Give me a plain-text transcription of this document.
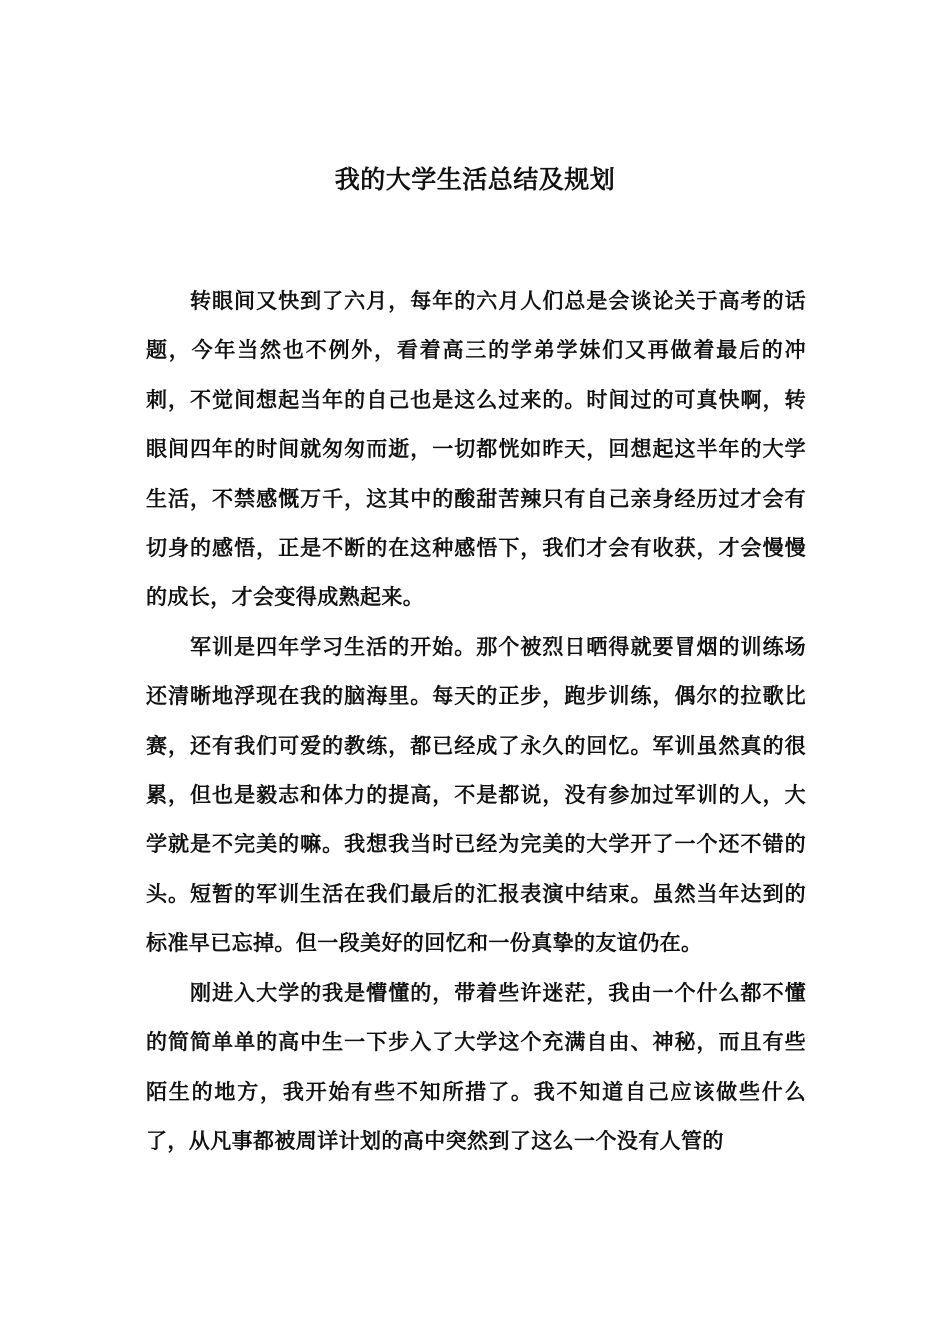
我的大学生活总结及规划

转眼间又快到了六月，每年的六月人们总是会谈论关于高考的话题，今年当然也不例外，看着高三的学弟学妹们又再做着最后的冲刺，不觉间想起当年的自己也是这么过来的。时间过的可真快啊，转眼间四年的时间就匆匆而逝，一切都恍如昨天，回想起这半年的大学生活，不禁感慨万千，这其中的酸甜苦辣只有自己亲身经历过才会有切身的感悟，正是不断的在这种感悟下，我们才会有收获，才会慢慢的成长，才会变得成熟起来。

军训是四年学习生活的开始。那个被烈日晒得就要冒烟的训练场还清晰地浮现在我的脑海里。每天的正步，跑步训练，偶尔的拉歌比赛，还有我们可爱的教练，都已经成了永久的回忆。军训虽然真的很累，但也是毅志和体力的提高，不是都说，没有参加过军训的人，大学就是不完美的嘛。我想我当时已经为完美的大学开了一个还不错的头。短暂的军训生活在我们最后的汇报表演中结束。虽然当年达到的标准早已忘掉。但一段美好的回忆和一份真挚的友谊仍在。

刚进入大学的我是懵懂的，带着些许迷茫，我由一个什么都不懂的简简单单的高中生一下步入了大学这个充满自由、神秘，而且有些陌生的地方，我开始有些不知所措了。我不知道自己应该做些什么了，从凡事都被周详计划的高中突然到了这么一个没有人管的
